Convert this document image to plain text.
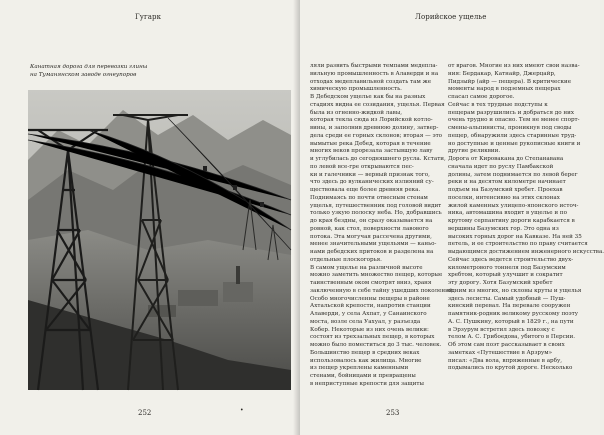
Гугарк
Канатная дорога для перевозки глины
на Туманянском заводе огнеупоров
252
Лорийское ущелье
ляли развить быстрыми темпами медепла-
вильную промышленность в Алаверди и на
отходах медеплавильной создать там же
химическую промышленность.
В Дебедском ущелье как бы на разных
стадиях видна ее созидания, ущелья. Первая
была из огненно-жидкой лавы,
которая текла сюда из Лорийской котло-
вины, и заполнив древнюю долину, затвер-
дела среди ее горных склонов; вторая — это
вымытые река Дебед, которая в течение
многих веков прорезала застывшую лаву
и углубилась до сегодняшнего русла. Кстати,
по левой все-гре открываются пес-
ки и галечники — верный признак того,
что здесь до вулканических излияний су-
ществовала еще более древняя река.
Поднимаясь по почти отвесным стенам
ущелья, путешественник под головой видит
только узкую полоску неба. Но, добравшись
до края бездны, он сразу оказывается на
ровной, как стол, поверхности лавового
потока. Эта могучая рассечена другими,
менее значительными ущельями — каньо-
нами дебедских притоков и разделена на
отдельные плоскогорья.
В самом ущелье на различной высоте
можно заметить множество пещер, которые
таинственным оком смотрят вниз, храня
заключенную в себе тайну ушедших поколений.
Особо многочисленны пещеры в районе
Ахтальской крепости, напротив станции
Алаверди, у села Ахпат, у Санаинского
моста, возле села Уахуал, у разъезда
Кобер. Некоторые из них очень велики:
состоят из трехзальных пещер, в которых
можно было поместиться до 3 тыс. человек.
Большинство пещер в средних веках
использовалось как жилища. Многие
из пещер укреплены каменными
стенами, бойницами и превращены
в неприступные крепости для защиты
от врагов. Многие из них имеют свои назва-
ния: Бердакар, Катнайр, Джерцайр,
Пидзыйр (айр — пещера). В критические
моменты народ в подземных пещерах
спасал самое дорогое.
Сейчас в тех трудные подступы к
пещерам разрушились и добраться до них
очень трудно и опасно. Тем не менее спорт-
смены-альпинисты, проникнув под своды
пещер, обнаружили здесь старинные труд-
но доступные и ценные рукописные книги и
другие реликвии.
Дорога от Кировакана до Степанавана
сначала идет по руслу Памбакской
долины, затем поднимается по левой берег
реки и на десятом километре начинает
подъем на Базумский хребет. Проехав
поселки, интенсивно на этих склонах
жилой каменных улицепо-японского источ-
ника, автомашина входит в ущелье и по
крутому серпантину дороги карабкается в
вершины Базумских гор. Это одна из
высоких горных дорог на Кавказе. На ней 35
петель, и ее строительство по праву считается
выдающимся достижением инженерного искусства.
Сейчас здесь ведется строительство двух-
километрового тоннеля под Базумским
хребтом, который улучшит и сократит
эту дорогу. Хотя Базумский хребет
одним из многих, но склоны круты и ущелья
здесь лесисты. Самый удобный — Пуш-
кинский перевал. На перевале сооружен
памятник-родник великому русскому поэту
А. С. Пушкину, который в 1829 г., на пути
в Эрзурум встретил здесь повозку с
телом А. С. Грибоедова, убитого в Персии.
Об этом сам поэт рассказывает в своих
заметках «Путешествие в Арзрум»
писал: «Два вола, впряженные в арбу,
подымались по крутой дороге. Несколько
•	253
